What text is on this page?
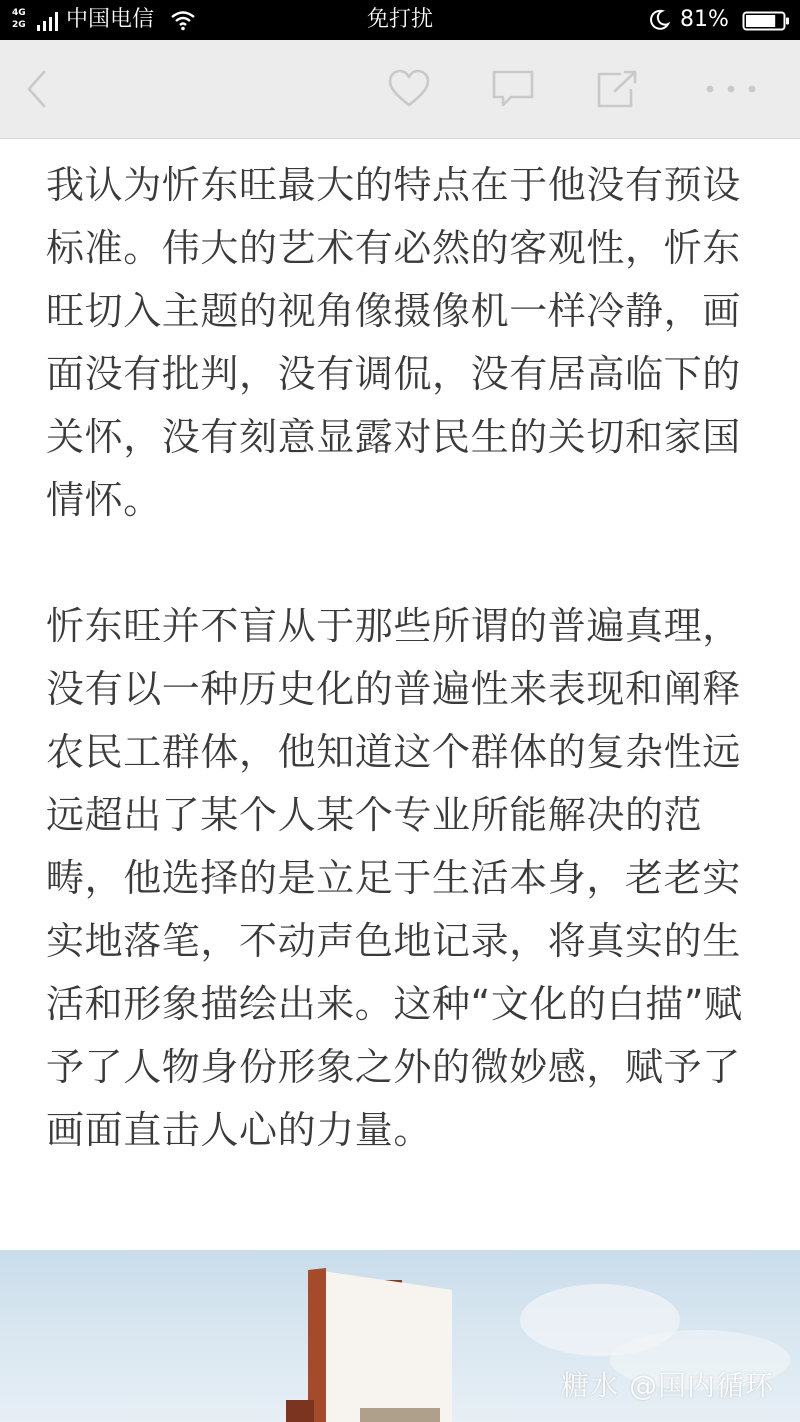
4G
2G	中国电信	免打扰	81%

我认为忻东旺最大的特点在于他没有预设标准。伟大的艺术有必然的客观性，忻东旺切入主题的视角像摄像机一样冷静，画面没有批判，没有调侃，没有居高临下的关怀，没有刻意显露对民生的关切和家国情怀。

忻东旺并不盲从于那些所谓的普遍真理，没有以一种历史化的普遍性来表现和阐释农民工群体，他知道这个群体的复杂性远远超出了某个人某个专业所能解决的范畴，他选择的是立足于生活本身，老老实实地落笔，不动声色地记录，将真实的生活和形象描绘出来。这种“文化的白描”赋予了人物身份形象之外的微妙感，赋予了画面直击人心的力量。

糖水 @国内循环
